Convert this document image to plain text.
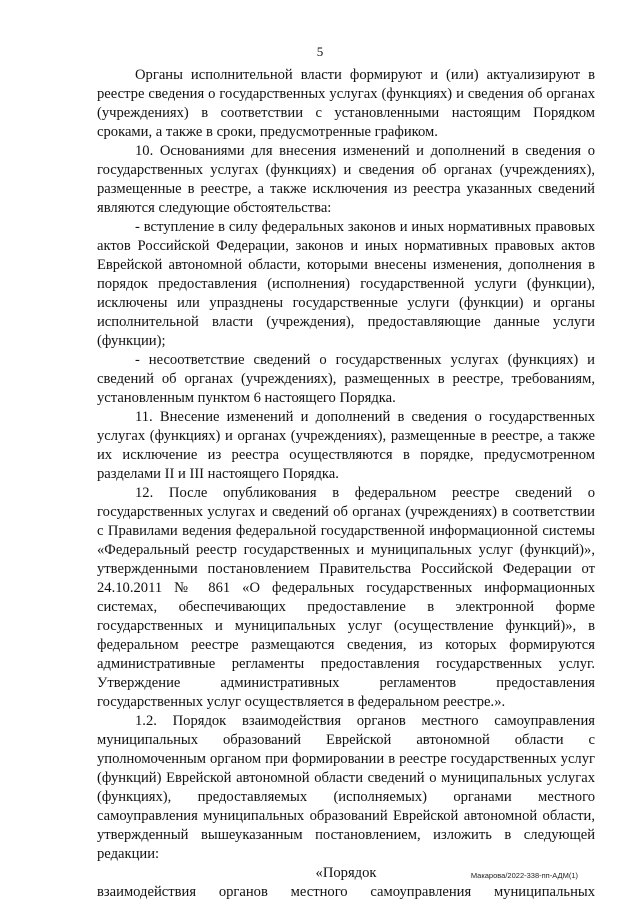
5

Органы исполнительной власти формируют и (или) актуализируют в реестре сведения о государственных услугах (функциях) и сведения об органах (учреждениях) в соответствии с установленными настоящим Порядком сроками, а также в сроки, предусмотренные графиком.

10. Основаниями для внесения изменений и дополнений в сведения о государственных услугах (функциях) и сведения об органах (учреждениях), размещенные в реестре, а также исключения из реестра указанных сведений являются следующие обстоятельства:

- вступление в силу федеральных законов и иных нормативных правовых актов Российской Федерации, законов и иных нормативных правовых актов Еврейской автономной области, которыми внесены изменения, дополнения в порядок предоставления (исполнения) государственной услуги (функции), исключены или упразднены государственные услуги (функции) и органы исполнительной власти (учреждения), предоставляющие данные услуги (функции);

- несоответствие сведений о государственных услугах (функциях) и сведений об органах (учреждениях), размещенных в реестре, требованиям, установленным пунктом 6 настоящего Порядка.

11. Внесение изменений и дополнений в сведения о государственных услугах (функциях) и органах (учреждениях), размещенные в реестре, а также их исключение из реестра осуществляются в порядке, предусмотренном разделами II и III настоящего Порядка.

12. После опубликования в федеральном реестре сведений о государственных услугах и сведений об органах (учреждениях) в соответствии с Правилами ведения федеральной государственной информационной системы «Федеральный реестр государственных и муниципальных услуг (функций)», утвержденными постановлением Правительства Российской Федерации от 24.10.2011 № 861 «О федеральных государственных информационных системах, обеспечивающих предоставление в электронной форме государственных и муниципальных услуг (осуществление функций)», в федеральном реестре размещаются сведения, из которых формируются административные регламенты предоставления государственных услуг. Утверждение административных регламентов предоставления государственных услуг осуществляется в федеральном реестре.».

1.2. Порядок взаимодействия органов местного самоуправления муниципальных образований Еврейской автономной области с уполномоченным органом при формировании в реестре государственных услуг (функций) Еврейской автономной области сведений о муниципальных услугах (функциях), предоставляемых (исполняемых) органами местного самоуправления муниципальных образований Еврейской автономной области, утвержденный вышеуказанным постановлением, изложить в следующей редакции:

«Порядок

взаимодействия органов местного самоуправления муниципальных

Макарова/2022-338-пп-АДМ(1)
